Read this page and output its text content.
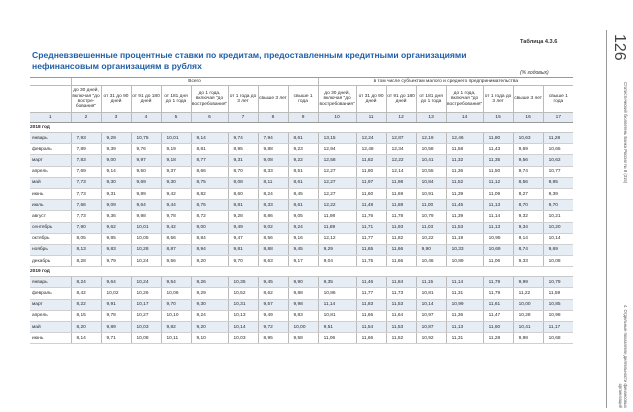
Таблица 4.3.6
Средневзвешенные процентные ставки по кредитам, предоставленным кредитными организациями нефинансовым организациям в рублях
(% годовых)
	Всего								в том числе субъектам малого и среднего предпринимательства							
	до 30 дней, включая "до востребования"	от 31 до 90 дней	от 91 до 180 дней	от 181 дня до 1 года	до 1 года, включая "до востребования"	от 1 года до 3 лет	свыше 3 лет	свыше 1 года	до 30 дней, включая "до востребования"	от 31 до 90 дней	от 91 до 180 дней	от 181 дня до 1 года	до 1 года, включая "до востребования"	от 1 года до 3 лет	свыше 3 лет	свыше 1 года
1	2	3	4	5	6	7	8	9	10	11	12	13	14	15	16	17
2018 год																
январь	7,93	9,29	10,75	10,01	9,14	9,74	7,94	8,61	13,15	12,24	12,87	12,19	12,46	11,80	10,63	11,28
февраль	7,89	9,39	9,76	9,19	8,81	8,95	9,88	9,23	12,94	12,48	12,34	10,58	11,58	11,43	9,69	10,65
март	7,83	9,00	9,97	9,18	8,77	9,31	9,08	9,22	12,58	11,82	12,22	10,41	11,32	11,35	9,56	10,62
апрель	7,69	9,14	9,50	9,37	8,66	8,70	8,33	8,51	12,27	11,80	12,14	10,55	11,36	11,50	9,74	10,77
май	7,73	9,30	9,69	9,30	8,75	9,08	8,11	8,61	12,27	11,97	11,98	10,84	11,52	11,12	8,56	9,95
июнь	7,73	9,31	9,89	9,42	8,82	8,60	8,24	8,45	12,27	11,60	11,69	10,91	11,39	11,09	8,27	9,39
июль	7,66	9,09	9,64	9,44	8,75	8,81	8,33	8,61	12,22	11,48	11,88	11,00	11,45	11,13	8,70	9,70
август	7,73	9,36	9,98	9,78	8,72	9,28	8,86	9,05	11,98	11,76	11,78	10,79	11,39	11,14	9,32	10,21
сентябрь	7,90	9,62	10,01	9,42	9,00	9,49	9,02	9,24	11,89	11,71	11,93	11,03	11,53	11,13	9,34	10,20
октябрь	8,05	9,85	10,05	8,56	8,84	9,47	8,56	9,16	12,12	11,77	11,82	10,22	11,19	10,95	9,14	10,14
ноябрь	8,13	9,83	10,28	8,87	8,94	9,81	8,88	9,45	9,29	11,65	11,66	9,90	10,33	10,69	8,74	9,69
декабрь	8,28	9,79	10,24	9,56	9,20	9,70	8,63	9,17	9,04	11,75	11,66	10,46	10,89	11,06	9,33	10,08
2019 год																
январь	8,24	9,64	10,24	9,54	9,26	10,35	9,45	9,90	9,35	11,46	11,84	11,15	11,14	11,79	9,99	10,79
февраль	8,42	10,02	10,26	10,06	9,29	10,52	8,62	9,88	10,86	11,77	11,73	10,81	11,31	11,79	11,22	11,59
март	8,22	9,91	10,17	9,70	9,30	10,31	9,57	9,98	11,14	11,83	11,53	10,14	10,99	11,61	10,00	10,85
апрель	8,15	9,78	10,27	10,10	9,24	10,13	9,49	9,83	10,81	11,66	11,64	10,97	11,36	11,47	10,28	10,98
май	8,20	9,89	10,03	9,82	9,20	10,14	9,72	10,00	9,51	11,54	11,53	10,87	11,13	11,60	10,41	11,17
июнь	8,14	9,71	10,08	10,11	9,10	10,03	8,95	9,58	11,06	11,66	11,52	10,92	11,31	11,28	9,98	10,68
126
Статистический бюллетень Банка России № 8 (315)
4. Отдельные показатели деятельности финансовых организаций
